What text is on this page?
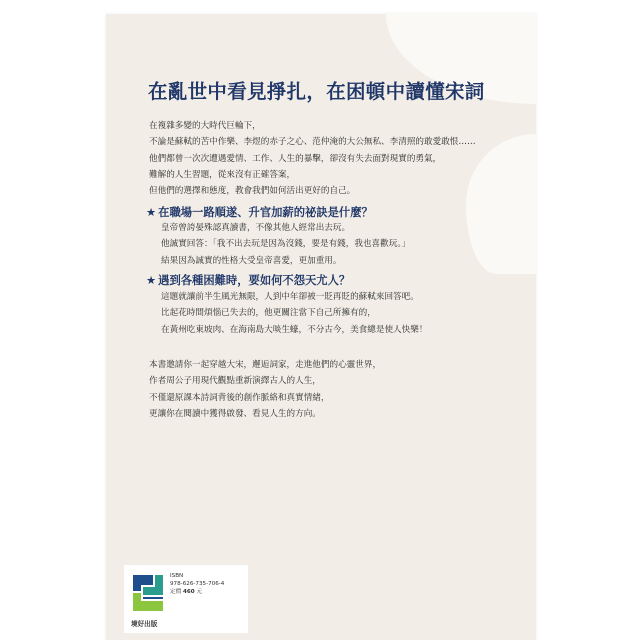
在亂世中看見掙扎，在困頓中讀懂宋詞
在複雜多變的大時代巨輪下，
不論是蘇軾的苦中作樂、李煜的赤子之心、范仲淹的大公無私、李清照的敢愛敢恨……
他們都曾一次次遭遇愛情、工作、人生的暴擊，卻沒有失去面對現實的勇氣，
難解的人生習題，從來沒有正確答案，
但他們的選擇和態度，教會我們如何活出更好的自己。
★ 在職場一路順遂、升官加薪的祕訣是什麼？
皇帝曾誇晏殊認真讀書，不像其他人經常出去玩。
他誠實回答：「我不出去玩是因為沒錢，要是有錢，我也喜歡玩。」
結果因為誠實的性格大受皇帝喜愛，更加重用。
★ 遇到各種困難時，要如何不怨天尤人？
這題就讓前半生風光無限，人到中年卻被一貶再貶的蘇軾來回答吧。
比起花時間煩惱已失去的，他更關注當下自己所擁有的，
在黃州吃東坡肉、在海南島大啖生蠔，不分古今，美食總是使人快樂！
本書邀請你一起穿越大宋，邂逅詞家，走進他們的心靈世界，
作者周公子用現代觀點重新演繹古人的人生，
不僅還原課本詩詞背後的創作脈絡和真實情緒，
更讓你在閱讀中獲得啟發、看見人生的方向。
境好出版
ISBN
978-626-735-706-4
定價 460 元
